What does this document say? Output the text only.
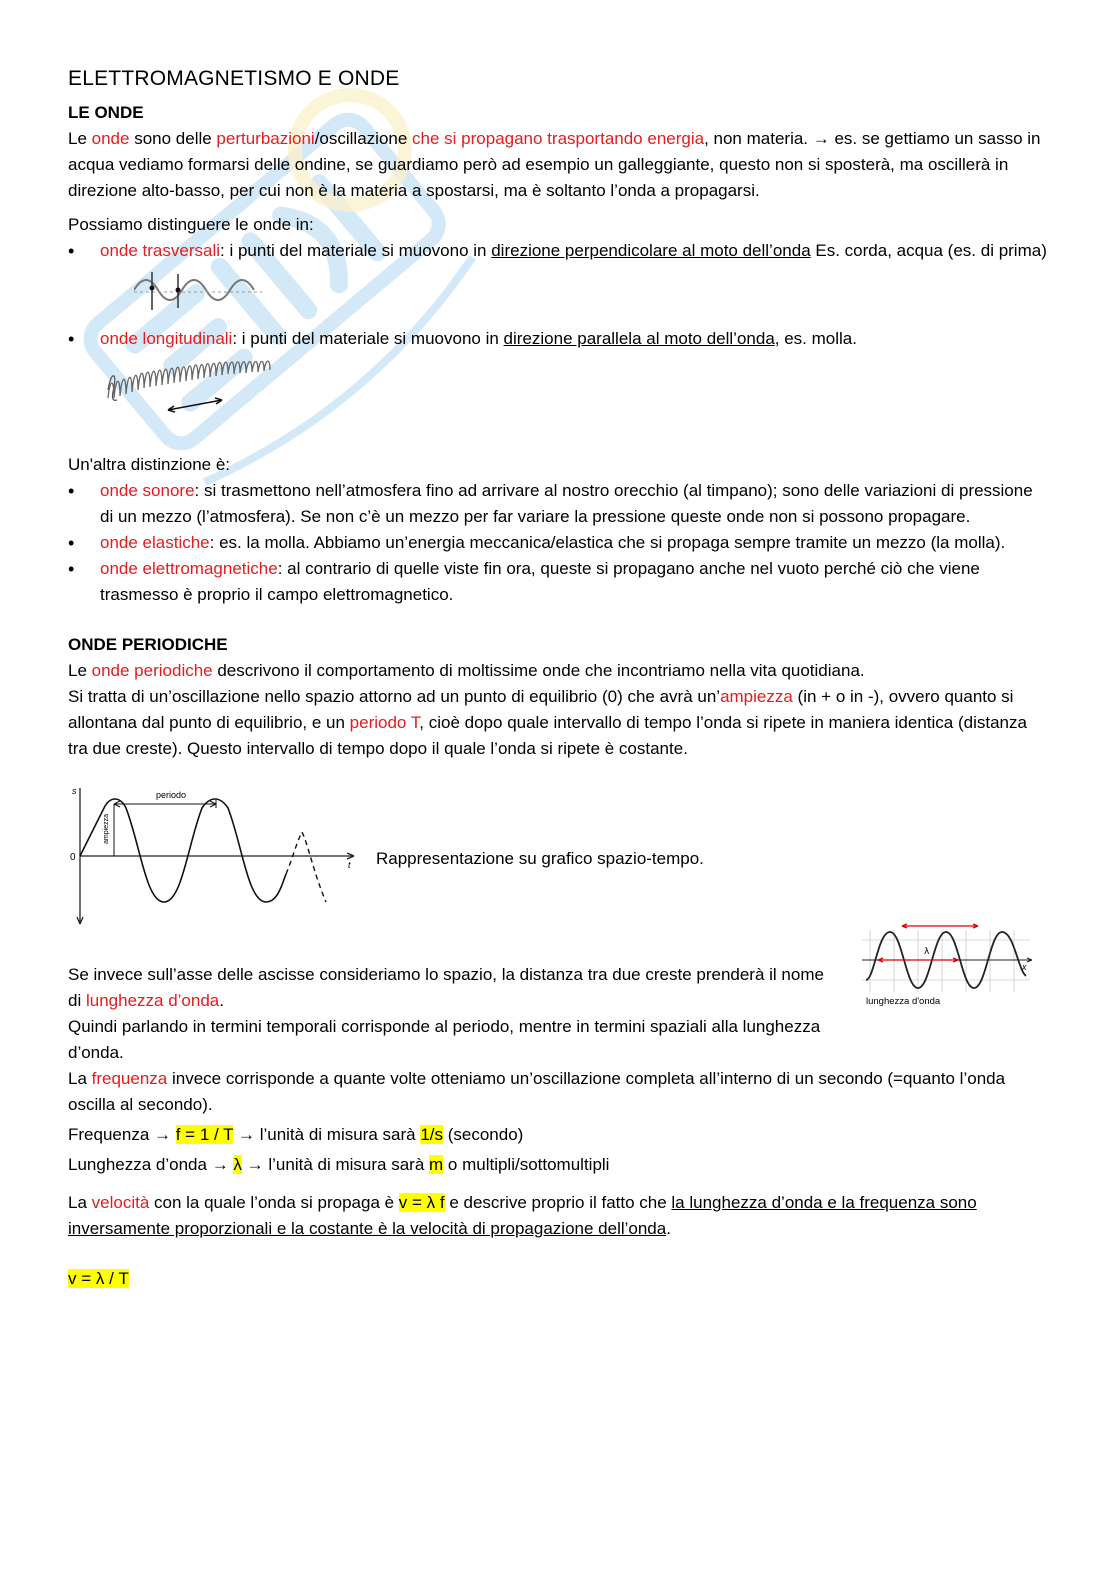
ELETTROMAGNETISMO E ONDE
LE ONDE

Le onde sono delle perturbazioni/oscillazione che si propagano trasportando energia, non materia. → es. se gettiamo un sasso in acqua vediamo formarsi delle ondine, se guardiamo però ad esempio un galleggiante, questo non si sposterà, ma oscillerà in direzione alto-basso, per cui non è la materia a spostarsi, ma è soltanto l’onda a propagarsi.

Possiamo distinguere le onde in:

• onde trasversali: i punti del materiale si muovono in direzione perpendicolare al moto dell’onda Es. corda, acqua (es. di prima)
• onde longitudinali: i punti del materiale si muovono in direzione parallela al moto dell’onda, es. molla.

Un'altra distinzione è:

• onde sonore: si trasmettono nell’atmosfera fino ad arrivare al nostro orecchio (al timpano); sono delle variazioni di pressione di un mezzo (l’atmosfera). Se non c’è un mezzo per far variare la pressione queste onde non si possono propagare.
• onde elastiche: es. la molla. Abbiamo un’energia meccanica/elastica che si propaga sempre tramite un mezzo (la molla).
• onde elettromagnetiche: al contrario di quelle viste fin ora, queste si propagano anche nel vuoto perché ciò che viene trasmesso è proprio il campo elettromagnetico.
ONDE PERIODICHE

Le onde periodiche descrivono il comportamento di moltissime onde che incontriamo nella vita quotidiana.

Si tratta di un’oscillazione nello spazio attorno ad un punto di equilibrio (0) che avrà un’ampiezza (in + o in -), ovvero quanto si allontana dal punto di equilibrio, e un periodo T, cioè dopo quale intervallo di tempo l’onda si ripete in maniera identica (distanza tra due creste). Questo intervallo di tempo dopo il quale l’onda si ripete è costante.

s
t
0
periodo
ampiezza
Rappresentazione su grafico spazio-tempo.
x
λ
lunghezza d'onda

Se invece sull’asse delle ascisse consideriamo lo spazio, la distanza tra due creste prenderà il nome di lunghezza d’onda.

Quindi parlando in termini temporali corrisponde al periodo, mentre in termini spaziali alla lunghezza d’onda.

La frequenza invece corrisponde a quante volte otteniamo un’oscillazione completa all’interno di un secondo (=quanto l’onda oscilla al secondo).

Frequenza → f = 1 / T → l’unità di misura sarà 1/s (secondo)

Lunghezza d’onda → λ → l’unità di misura sarà m o multipli/sottomultipli

La velocità con la quale l’onda si propaga è v = λ f e descrive proprio il fatto che la lunghezza d’onda e la frequenza sono inversamente proporzionali e la costante è la velocità di propagazione dell’onda.

v = λ / T
